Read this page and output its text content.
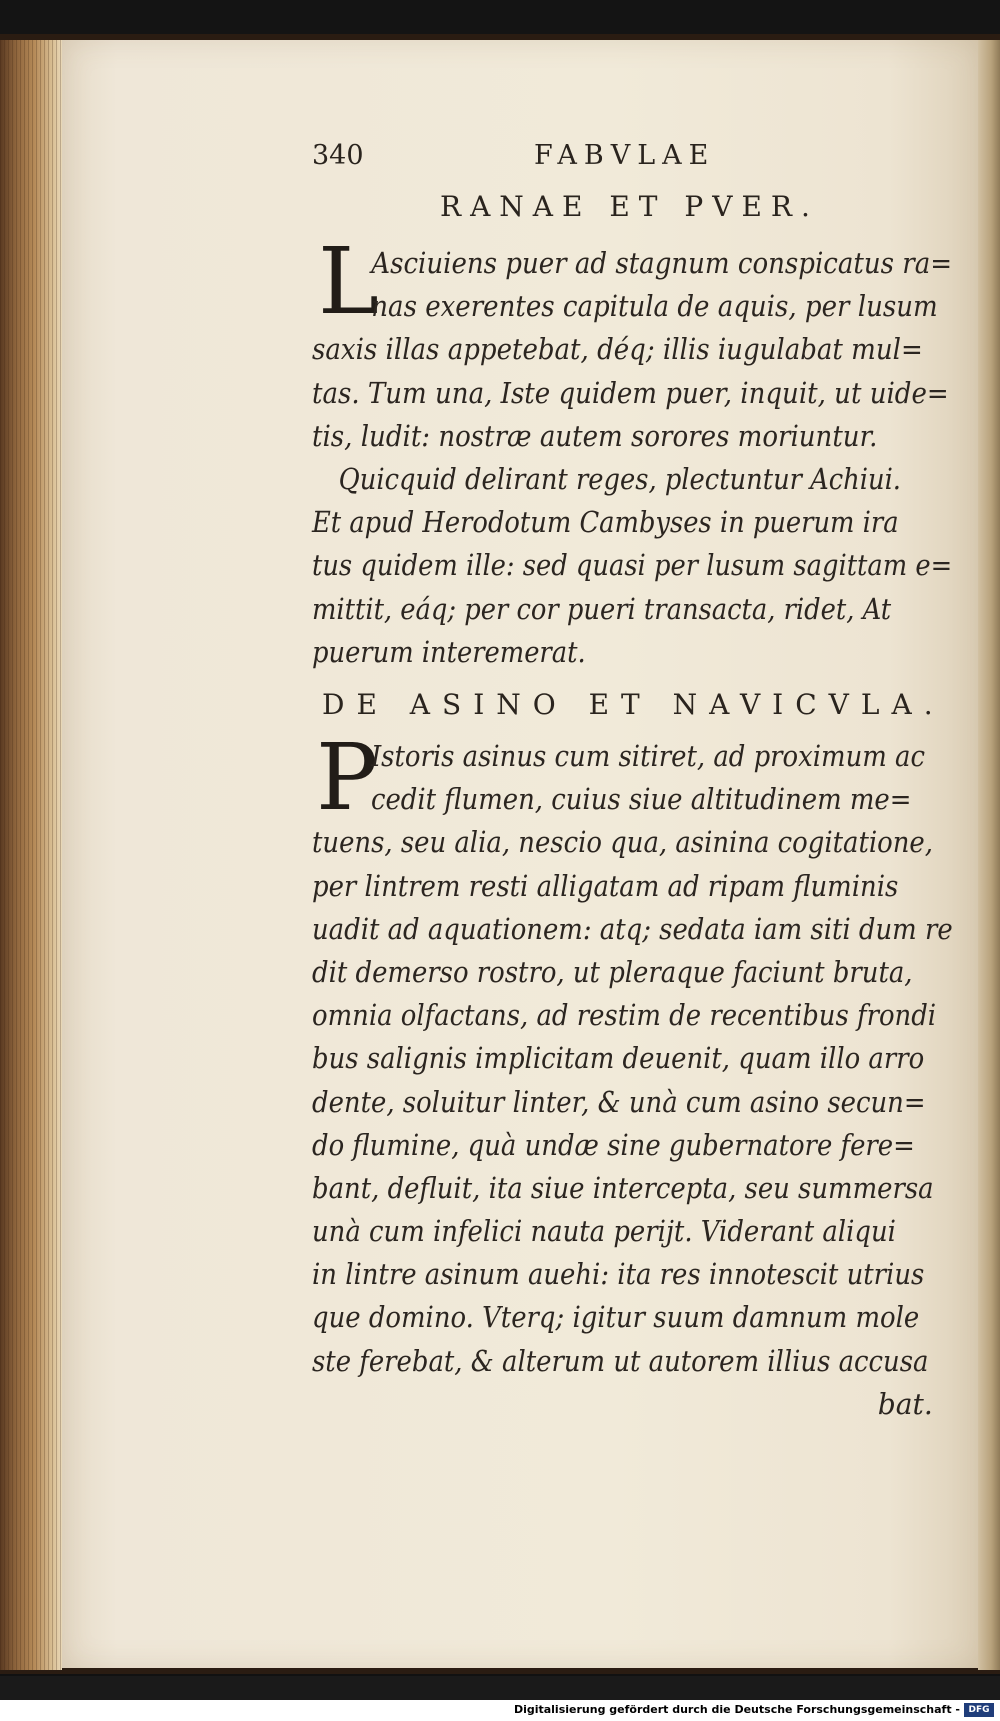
340	FABVLAE
RANAE ET PVER.
L
Asciuiens puer ad stagnum conspicatus ra=
nas exerentes capitula de aquis, per lusum
saxis illas appetebat, déq; illis iugulabat mul=
tas. Tum una, Iste quidem puer, inquit, ut uide=
tis, ludit: nostræ autem sorores moriuntur.
Quicquid delirant reges, plectuntur Achiui.
Et apud Herodotum Cambyses in puerum ira
tus quidem ille: sed quasi per lusum sagittam e=
mittit, eáq; per cor pueri transacta, ridet, At
puerum interemerat.
DE ASINO ET NAVICVLA.
P
Istoris asinus cum sitiret, ad proximum ac
cedit flumen, cuius siue altitudinem me=
tuens, seu alia, nescio qua, asinina cogitatione,
per lintrem resti alligatam ad ripam fluminis
uadit ad aquationem: atq; sedata iam siti dum re
dit demerso rostro, ut pleraque faciunt bruta,
omnia olfactans, ad restim de recentibus frondi
bus salignis implicitam deuenit, quam illo arro
dente, soluitur linter, & unà cum asino secun=
do flumine, quà undæ sine gubernatore fere=
bant, defluit, ita siue intercepta, seu summersa
unà cum infelici nauta perijt. Viderant aliqui
in lintre asinum auehi: ita res innotescit utrius
que domino. Vterq; igitur suum damnum mole
ste ferebat, & alterum ut autorem illius accusa
bat.
Digitalisierung gefördert durch die Deutsche Forschungsgemeinschaft - DFG
